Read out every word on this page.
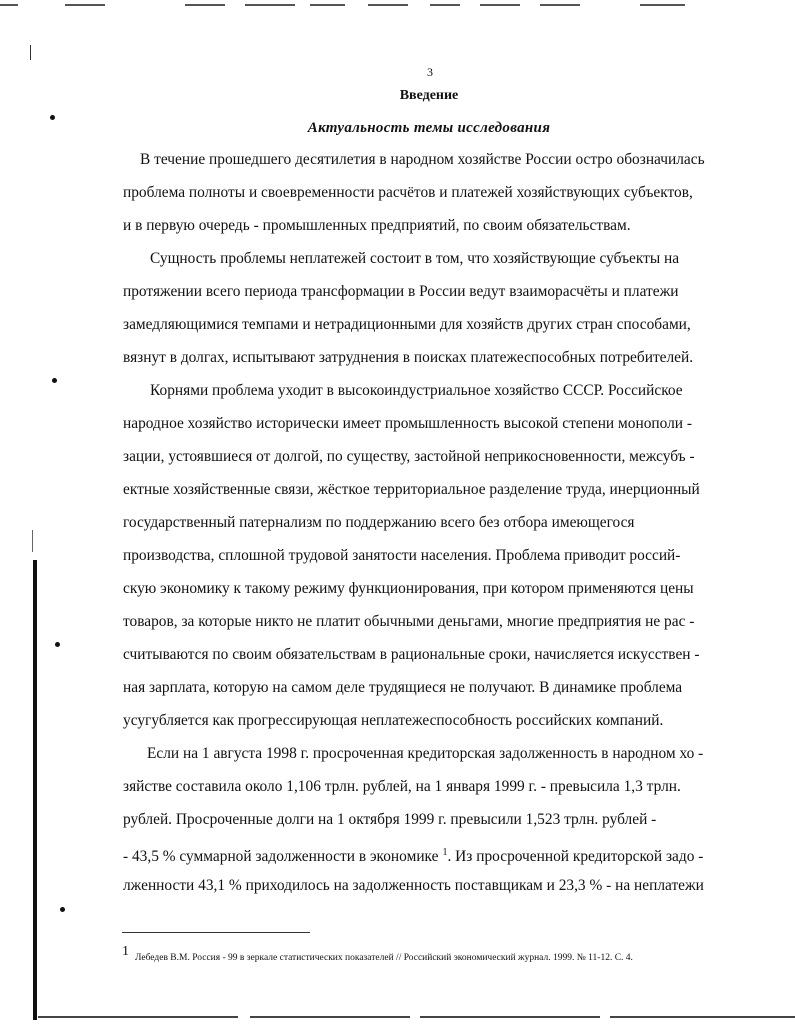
3
Введение
Актуальность темы исследования
В течение прошедшего десятилетия в народном хозяйстве России остро обозначилась
проблема полноты и своевременности расчётов и платежей хозяйствующих субъектов,
и в первую очередь - промышленных предприятий, по своим обязательствам.
Сущность проблемы неплатежей состоит в том, что хозяйствующие субъекты на
протяжении всего периода трансформации в России ведут взаиморасчёты и платежи
замедляющимися темпами и нетрадиционными для хозяйств других стран способами,
вязнут в долгах, испытывают затруднения в поисках платежеспособных потребителей.
Корнями проблема уходит в высокоиндустриальное хозяйство СССР. Российское
народное хозяйство исторически имеет промышленность высокой степени монополи -
зации, устоявшиеся от долгой, по существу, застойной неприкосновенности, межсубъ -
ектные хозяйственные связи, жёсткое территориальное разделение труда, инерционный
государственный патернализм по поддержанию всего без отбора имеющегося
производства, сплошной трудовой занятости населения. Проблема приводит россий-
скую экономику к такому режиму функционирования, при котором применяются цены
товаров, за которые никто не платит обычными деньгами, многие предприятия не рас -
считываются по своим обязательствам в рациональные сроки, начисляется искусствен -
ная зарплата, которую на самом деле трудящиеся не получают. В динамике проблема
усугубляется как прогрессирующая неплатежеспособность российских компаний.
Если на 1 августа 1998 г. просроченная кредиторская задолженность в народном хо -
зяйстве составила около 1,106 трлн. рублей, на 1 января 1999 г. - превысила 1,3 трлн.
рублей. Просроченные долги на 1 октября 1999 г. превысили 1,523 трлн. рублей -
- 43,5 % суммарной задолженности в экономике $^1$. Из просроченной кредиторской задо -
лженности 43,1 % приходилось на задолженность поставщикам и 23,3 % - на неплатежи
$^1$ Лебедев В.М. Россия - 99 в зеркале статистических показателей // Российский экономический журнал. 1999. № 11-12. С. 4.
